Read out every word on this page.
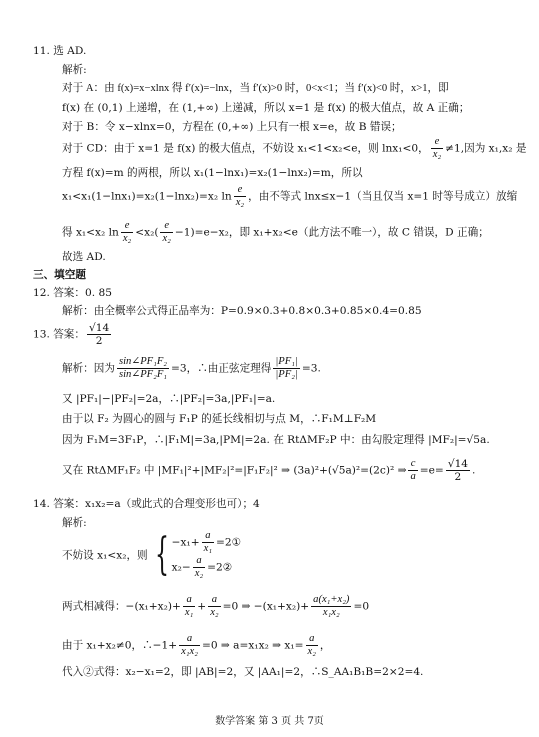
11. 选 AD.
解析:
对于 A：由 f(x)=x−xlnx 得 f′(x)=−lnx，当 f′(x)>0 时，0<x<1；当 f′(x)<0 时，x>1，即
f(x) 在 (0,1) 上递增，在 (1,+∞) 上递减，所以 x=1 是 f(x) 的极大值点，故 A 正确；
对于 B：令 x−xlnx=0，方程在 (0,+∞) 上只有一根 x=e，故 B 错误；
对于 CD：由于 x=1 是 f(x) 的极大值点，不妨设 x₁<1<x₂<e，则 lnx₁<0， $\frac{e}{\text{x₂}} \ne 1$,因为 x₁,x₂ 是
方程 f(x)=m 的两根，所以 x₁(1−lnx₁)=x₂(1−lnx₂)=m，所以
x₁<x₁(1−lnx₁)=x₂(1−lnx₂)=x₂ $\ln \frac{e}{\text{x₂}}$ ，由不等式 lnx≤x−1（当且仅当 x=1 时等号成立）放缩
得 x₁<x₂ $\ln \frac{e}{\text{x₂}} <x_2( \frac{e}{\text{x₂}} -1)=e-x_2$，即 x₁+x₂<e（此方法不唯一），故 C 错误，D 正确；
故选 AD.
三、填空题
12. 答案：0. 85
解析：由全概率公式得正品率为：P=0.9×0.3+0.8×0.3+0.85×0.4=0.85
13. 答案： $\frac{√14}{2}$
解析：因为 $\frac{\text{sin∠PF₁F₂}}{\text{sin∠PF₂F₁}} =3$，∴由正弦定理得 $\frac{\text{|PF₁|}}{\text{|PF₂|}} =3$.
又 |PF₁|−|PF₂|=2a，∴|PF₂|=3a,|PF₁|=a.
由于以 F₂ 为圆心的圆与 F₁P 的延长线相切与点 M，∴F₁M⊥F₂M
因为 F₁M=3F₁P，∴|F₁M|=3a,|PM|=2a. 在 RtΔMF₂P 中：由勾股定理得 |MF₂|=√5a.
又在 RtΔMF₁F₂ 中 |MF₁|²+|MF₂|²=|F₁F₂|² ⇒ (3a)²+(√5a)²=(2c)² ⇒ $\frac{c}{a} =e= \frac{√14}{2}$ .
14. 答案：x₁x₂=a（或此式的合理变形也可）；4
解析:
不妨设 x₁<x₂，则 { $-x_1+ \frac{a}{\text{x₁}}$ =2①
$x_2- \frac{a}{\text{x₂}}$ =2②
两式相减得：$-(x_1+x_2)+ \frac{a}{\text{x₁}} + \frac{a}{\text{x₂}} =0$ ⇒ $-(x_1+x_2)+ \frac{\text{a(x₁+x₂)}}{\text{x₁x₂}} =0$
由于 x₁+x₂≠0，∴−1+ $\frac{a}{\text{x₁x₂}} =0$ ⇒ a=x₁x₂ ⇒ $x_1= \frac{a}{\text{x₂}}$ ，
代入②式得：x₂−x₁=2，即 |AB|=2，又 |AA₁|=2，∴S_AA₁B₁B=2×2=4.
数学答案 第 3 页 共 7页
